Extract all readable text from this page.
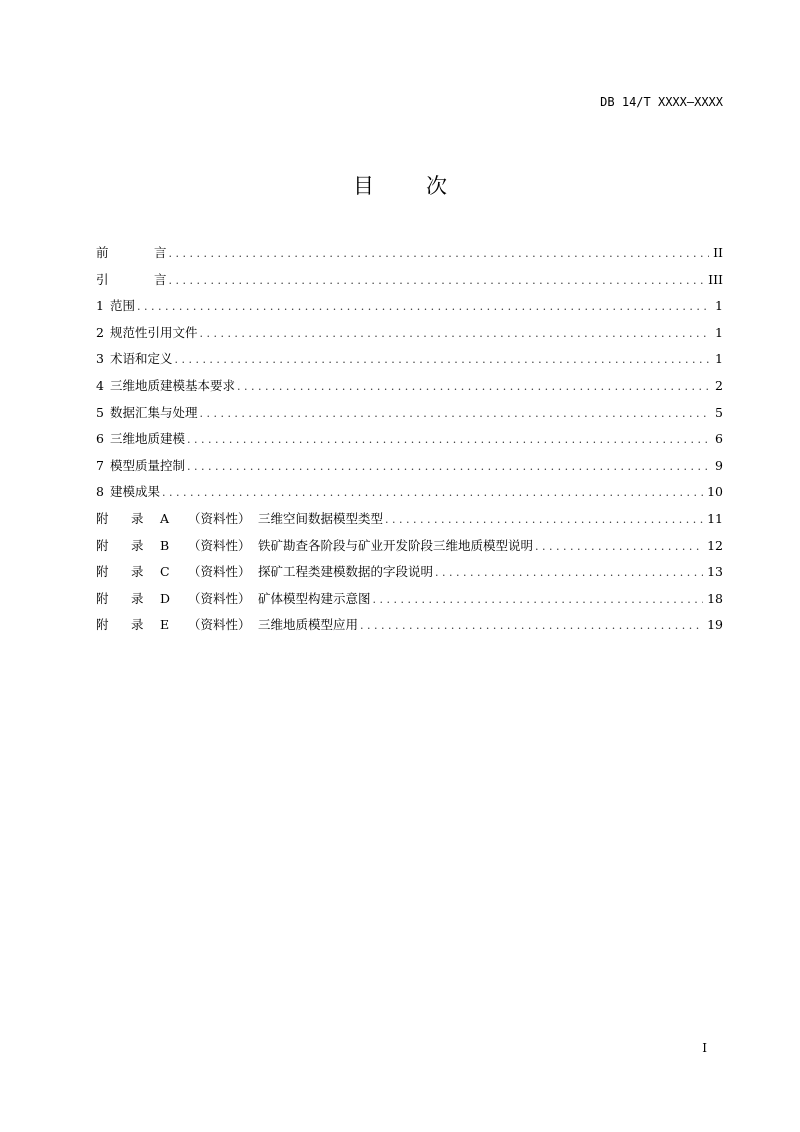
DB 14/T XXXX—XXXX
目 次
前	言 . . .	II
引	言 . . .	III
1 范围 . . .	1
2 规范性引用文件 . . .	1
3 术语和定义 . . .	1
4 三维地质建模基本要求 . . .	2
5 数据汇集与处理 . . .	5
6 三维地质建模 . . .	6
7 模型质量控制 . . .	9
8 建模成果 . . .	10
附	录	A	（资料性） 三维空间数据模型类型 . . .	11
附	录	B	（资料性） 铁矿勘查各阶段与矿业开发阶段三维地质模型说明 . . .	12
附	录	C	（资料性） 探矿工程类建模数据的字段说明 . . .	13
附	录	D	（资料性） 矿体模型构建示意图 . . .	18
附	录	E	（资料性） 三维地质模型应用 . . .	19
I
